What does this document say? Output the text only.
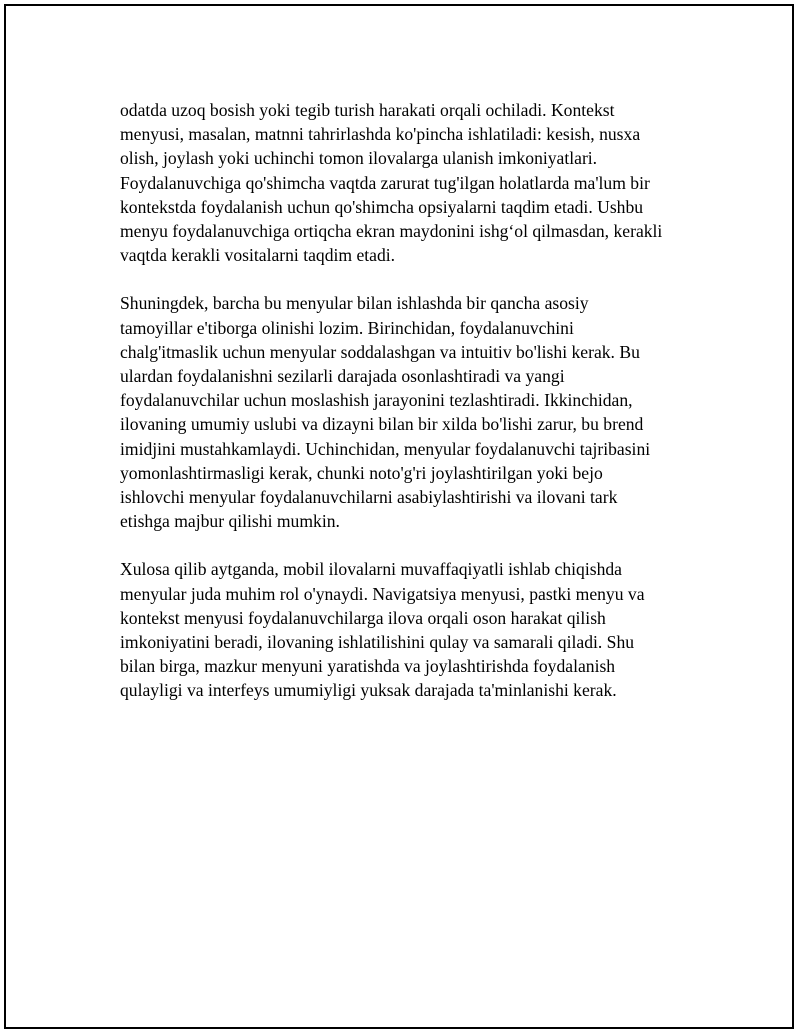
odatda uzoq bosish yoki tegib turish harakati orqali ochiladi. Kontekst
menyusi, masalan, matnni tahrirlashda ko'pincha ishlatiladi: kesish, nusxa
olish, joylash yoki uchinchi tomon ilovalarga ulanish imkoniyatlari.
Foydalanuvchiga qo'shimcha vaqtda zarurat tug'ilgan holatlarda ma'lum bir
kontekstda foydalanish uchun qo'shimcha opsiyalarni taqdim etadi. Ushbu
menyu foydalanuvchiga ortiqcha ekran maydonini ishg‘ol qilmasdan, kerakli
vaqtda kerakli vositalarni taqdim etadi.

Shuningdek, barcha bu menyular bilan ishlashda bir qancha asosiy
tamoyillar e'tiborga olinishi lozim. Birinchidan, foydalanuvchini
chalg'itmaslik uchun menyular soddalashgan va intuitiv bo'lishi kerak. Bu
ulardan foydalanishni sezilarli darajada osonlashtiradi va yangi
foydalanuvchilar uchun moslashish jarayonini tezlashtiradi. Ikkinchidan,
ilovaning umumiy uslubi va dizayni bilan bir xilda bo'lishi zarur, bu brend
imidjini mustahkamlaydi. Uchinchidan, menyular foydalanuvchi tajribasini
yomonlashtirmasligi kerak, chunki noto'g'ri joylashtirilgan yoki bejo
ishlovchi menyular foydalanuvchilarni asabiylashtirishi va ilovani tark
etishga majbur qilishi mumkin.

Xulosa qilib aytganda, mobil ilovalarni muvaffaqiyatli ishlab chiqishda
menyular juda muhim rol o'ynaydi. Navigatsiya menyusi, pastki menyu va
kontekst menyusi foydalanuvchilarga ilova orqali oson harakat qilish
imkoniyatini beradi, ilovaning ishlatilishini qulay va samarali qiladi. Shu
bilan birga, mazkur menyuni yaratishda va joylashtirishda foydalanish
qulayligi va interfeys umumiyligi yuksak darajada ta'minlanishi kerak.
